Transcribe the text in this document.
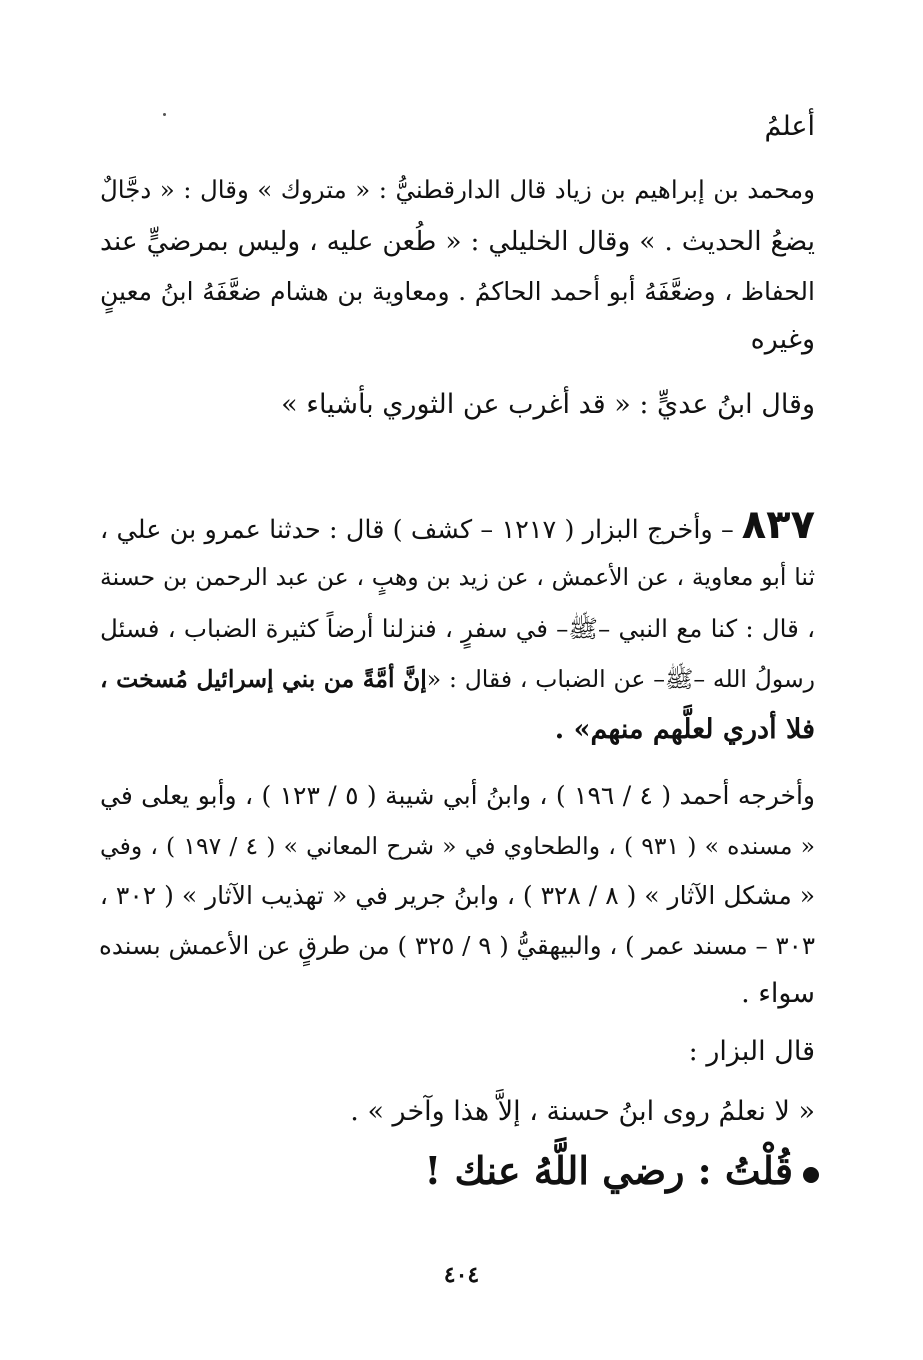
أعلمُ
ومحمد بن إبراهيم بن زياد قال الدارقطنيُّ : « متروك » وقال : « دجَّالٌ
يضعُ الحديث . » وقال الخليلي : « طُعن عليه ، وليس بمرضيٍّ عند
الحفاظ ، وضعَّفَهُ أبو أحمد الحاكمُ . ومعاوية بن هشام ضعَّفَهُ ابنُ معينٍ
وغيره
وقال ابنُ عديٍّ : « قد أغرب عن الثوري بأشياء »
٨٣٧– وأخرج البزار ( ١٢١٧ – كشف ) قال : حدثنا عمرو بن علي ،
ثنا أبو معاوية ، عن الأعمش ، عن زيد بن وهبٍ ، عن عبد الرحمن بن حسنة
، قال : كنا مع النبي –ﷺ– في سفرٍ ، فنزلنا أرضاً كثيرة الضباب ، فسئل
رسولُ الله –ﷺ– عن الضباب ، فقال : «إنَّ أمَّةً من بني إسرائيل مُسخت ،
فلا أدري لعلَّهم منهم» .
وأخرجه أحمد ( ٤ / ١٩٦ ) ، وابنُ أبي شيبة ( ٥ / ١٢٣ ) ، وأبو يعلى في
« مسنده » ( ٩٣١ ) ، والطحاوي في « شرح المعاني » ( ٤ / ١٩٧ ) ، وفي
« مشكل الآثار » ( ٨ / ٣٢٨ ) ، وابنُ جرير في « تهذيب الآثار » ( ٣٠٢ ،
٣٠٣ – مسند عمر ) ، والبيهقيُّ ( ٩ / ٣٢٥ ) من طرقٍ عن الأعمش بسنده
سواء .
قال البزار :
« لا نعلمُ روى ابنُ حسنة ، إلاَّ هذا وآخر » .
قُلْتُ : رضي اللَّهُ عنك !
٤٠٤
